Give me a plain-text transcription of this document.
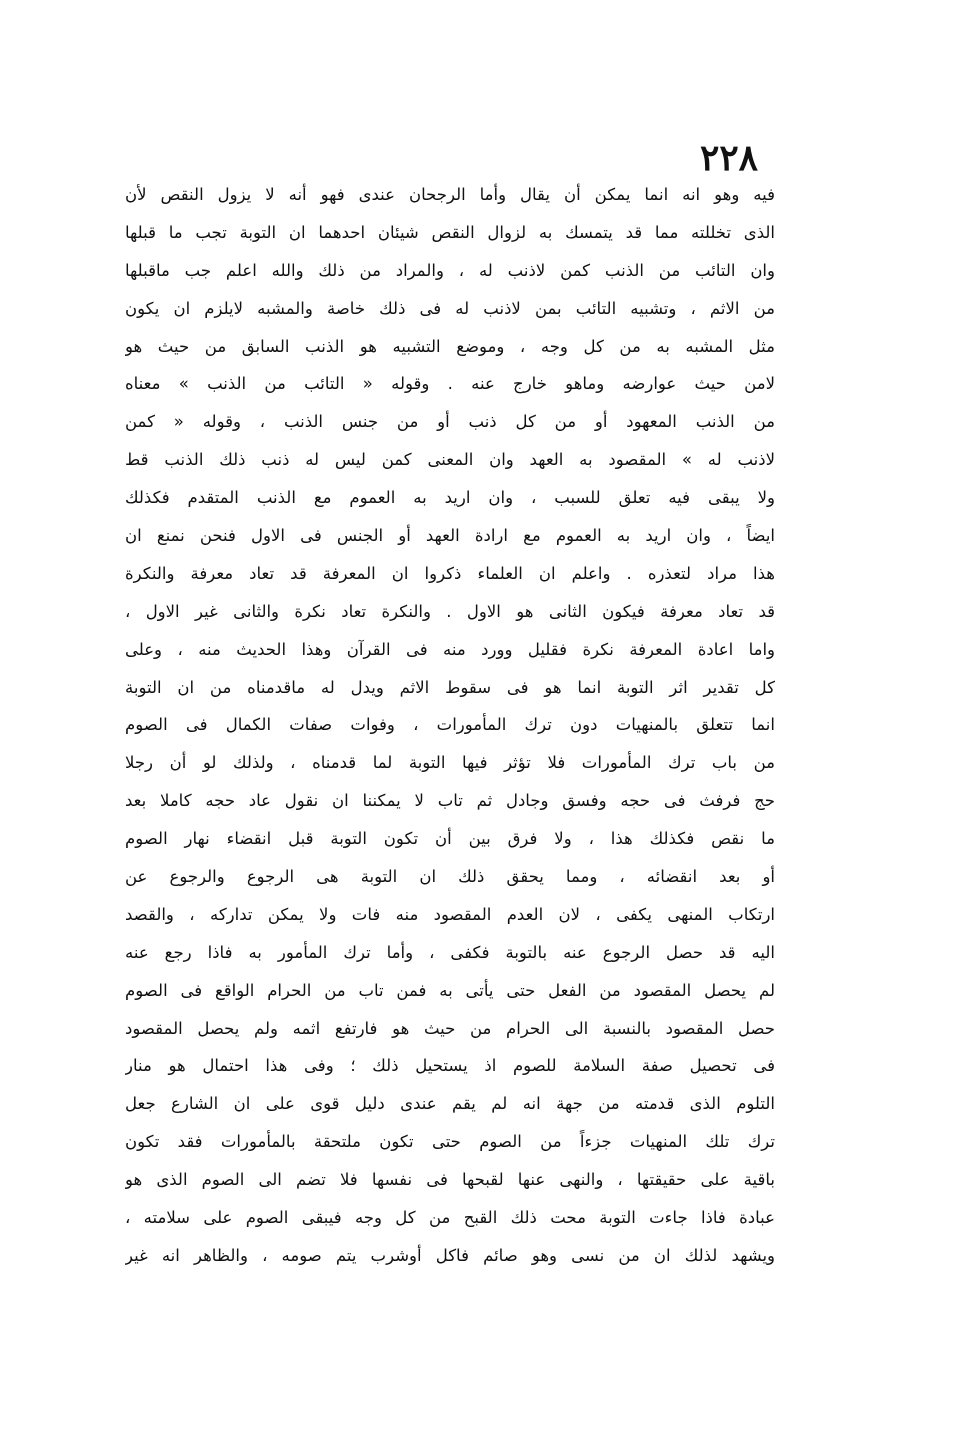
٢٢٨
فيه وهو انه انما يمكن أن يقال وأما الرجحان عندى فهو أنه لا يزول النقص لأن
الذى تخللته مما قد يتمسك به لزوال النقص شيئان احدهما ان التوبة تجب ما قبلها
وان التائب من الذنب كمن لاذنب له ، والمراد من ذلك والله اعلم جب ماقبلها
من الاثم ، وتشبيه التائب بمن لاذنب له فى ذلك خاصة والمشبه لايلزم ان يكون
مثل المشبه به من كل وجه ، وموضع التشبيه هو الذنب السابق من حيث هو
لامن حيث عوارضه وماهو خارج عنه . وقوله « التائب من الذنب » معناه
من الذنب المعهود أو من كل ذنب أو من جنس الذنب ، وقوله « كمن
لاذنب له » المقصود به العهد وان المعنى كمن ليس له ذنب ذلك الذنب قط
ولا يبقى فيه تعلق للسبب ، وان اريد به العموم مع الذنب المتقدم فكذلك
ايضاً ، وان اريد به العموم مع ارادة العهد أو الجنس فى الاول فنحن نمنع ان
هذا مراد لتعذره . واعلم ان العلماء ذكروا ان المعرفة قد تعاد معرفة والنكرة
قد تعاد معرفة فيكون الثانى هو الاول . والنكرة تعاد نكرة والثانى غير الاول ،
واما اعادة المعرفة نكرة فقليل وورد منه فى القرآن وهذا الحديث منه ، وعلى
كل تقدير اثر التوبة انما هو فى سقوط الاثم ويدل له ماقدمناه من ان التوبة
انما تتعلق بالمنهيات دون ترك المأمورات ، وفوات صفات الكمال فى الصوم
من باب ترك المأمورات فلا تؤثر فيها التوبة لما قدمناه ، ولذلك لو أن رجلا
حج فرفث فى حجه وفسق وجادل ثم تاب لا يمكننا ان نقول عاد حجه كاملا بعد
ما نقص فكذلك هذا ، ولا فرق بين أن تكون التوبة قبل انقضاء نهار الصوم
أو بعد انقضائه ، ومما يحقق ذلك ان التوبة هى الرجوع والرجوع عن
ارتكاب المنهى يكفى ، لان العدم المقصود منه فات ولا يمكن تداركه ، والقصد
اليه قد حصل الرجوع عنه بالتوبة فكفى ، وأما ترك المأمور به فاذا رجع عنه
لم يحصل المقصود من الفعل حتى يأتى به فمن تاب من الحرام الواقع فى الصوم
حصل المقصود بالنسبة الى الحرام من حيث هو فارتفع اثمه ولم يحصل المقصود
فى تحصيل صفة السلامة للصوم اذ يستحيل ذلك ؛ وفى هذا احتمال هو منار
التلوم الذى قدمته من جهة انه لم يقم عندى دليل قوى على ان الشارع جعل
ترك تلك المنهيات جزءاً من الصوم حتى تكون ملتحقة بالمأمورات فقد تكون
باقية على حقيقتها ، والنهى عنها لقبحها فى نفسها فلا تضم الى الصوم الذى هو
عبادة فاذا جاءت التوبة محت ذلك القبح من كل وجه فيبقى الصوم على سلامته ،
ويشهد لذلك ان من نسى وهو صائم فاكل أوشرب يتم صومه ، والظاهر انه غير
